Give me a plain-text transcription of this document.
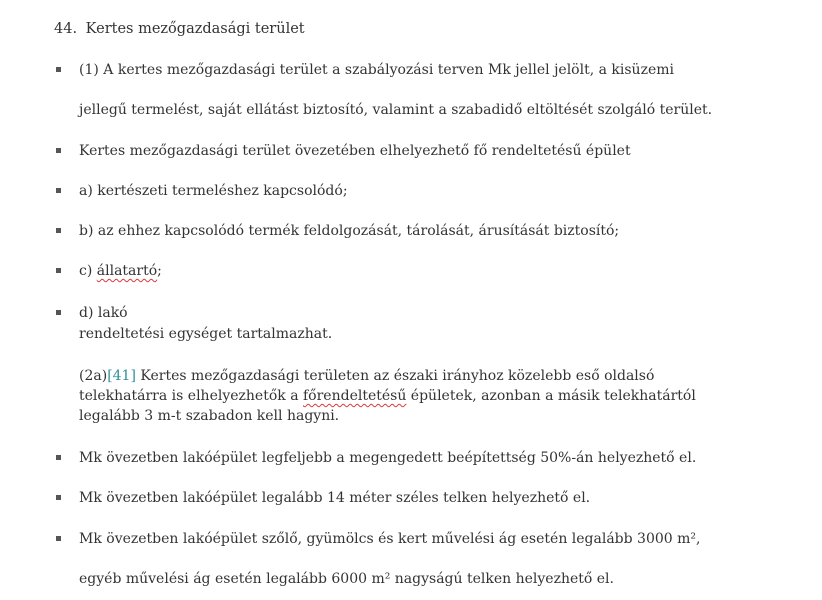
44. Kertes mezőgazdasági terület
(1) A kertes mezőgazdasági terület a szabályozási terven Mk jellel jelölt, a kisüzemi
jellegű termelést, saját ellátást biztosító, valamint a szabadidő eltöltését szolgáló terület.
Kertes mezőgazdasági terület övezetében elhelyezhető fő rendeltetésű épület
a) kertészeti termeléshez kapcsolódó;
b) az ehhez kapcsolódó termék feldolgozását, tárolását, árusítását biztosító;
c) állatartó;
d) lakó
rendeltetési egységet tartalmazhat.
(2a)[41] Kertes mezőgazdasági területen az északi irányhoz közelebb eső oldalsó
telekhatárra is elhelyezhetők a főrendeltetésű épületek, azonban a másik telekhatártól
legalább 3 m-t szabadon kell hagyni.
Mk övezetben lakóépület legfeljebb a megengedett beépítettség 50%-án helyezhető el.
Mk övezetben lakóépület legalább 14 méter széles telken helyezhető el.
Mk övezetben lakóépület szőlő, gyümölcs és kert művelési ág esetén legalább 3000 m²,
egyéb művelési ág esetén legalább 6000 m² nagyságú telken helyezhető el.
